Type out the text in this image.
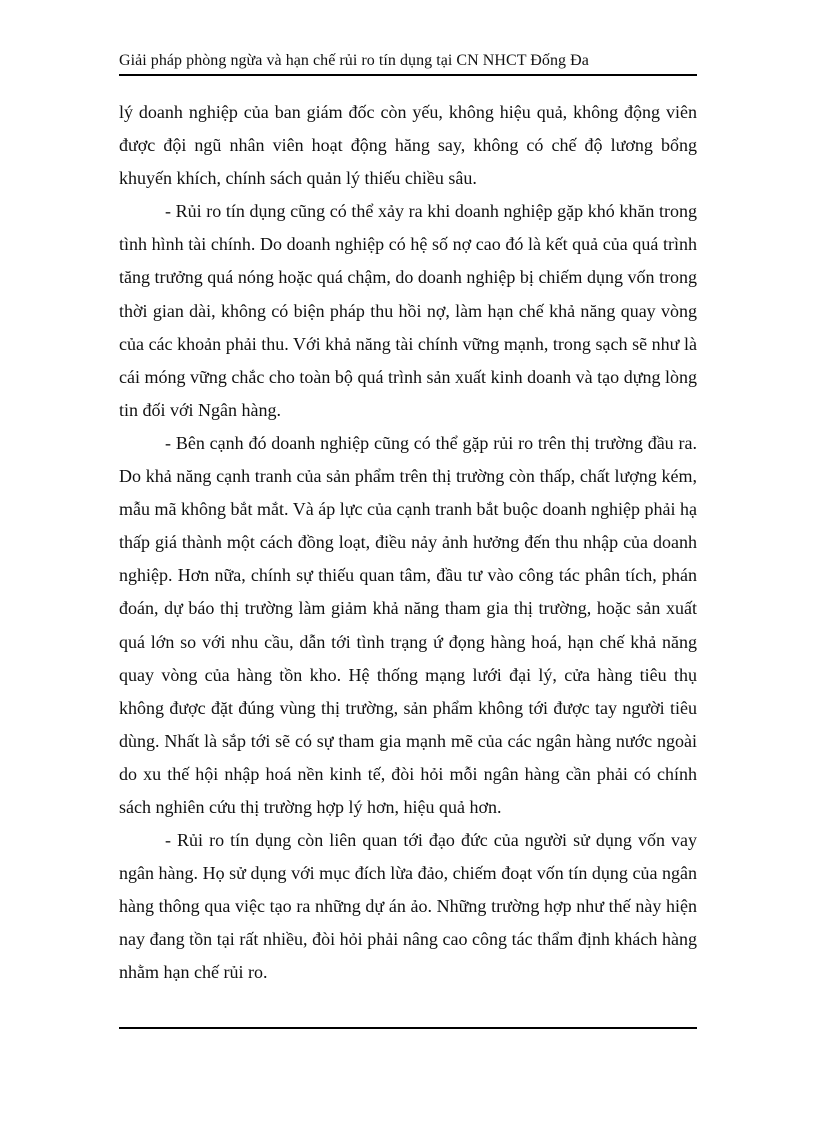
Giải pháp phòng ngừa và hạn chế rủi ro tín dụng tại CN NHCT Đống Đa

lý doanh nghiệp của ban giám đốc còn yếu, không hiệu quả, không động viên được đội ngũ nhân viên hoạt động hăng say, không có chế độ lương bổng khuyến khích, chính sách quản lý thiếu chiều sâu.

- Rủi ro tín dụng cũng có thể xảy ra khi doanh nghiệp gặp khó khăn trong tình hình tài chính. Do doanh nghiệp có hệ số nợ cao đó là kết quả của quá trình tăng trưởng quá nóng hoặc quá chậm, do doanh nghiệp bị chiếm dụng vốn trong thời gian dài, không có biện pháp thu hồi nợ, làm hạn chế khả năng quay vòng của các khoản phải thu. Với khả năng tài chính vững mạnh, trong sạch sẽ như là cái móng vững chắc cho toàn bộ quá trình sản xuất kinh doanh và tạo dựng lòng tin đối với Ngân hàng.

- Bên cạnh đó doanh nghiệp cũng có thể gặp rủi ro trên thị trường đầu ra. Do khả năng cạnh tranh của sản phẩm trên thị trường còn thấp, chất lượng kém, mẫu mã không bắt mắt. Và áp lực của cạnh tranh bắt buộc doanh nghiệp phải hạ thấp giá thành một cách đồng loạt, điều nảy ảnh hưởng đến thu nhập của doanh nghiệp. Hơn nữa, chính sự thiếu quan tâm, đầu tư vào công tác phân tích, phán đoán, dự báo thị trường làm giảm khả năng tham gia thị trường, hoặc sản xuất quá lớn so với nhu cầu, dẫn tới tình trạng ứ đọng hàng hoá, hạn chế khả năng quay vòng của hàng tồn kho. Hệ thống mạng lưới đại lý, cửa hàng tiêu thụ không được đặt đúng vùng thị trường, sản phẩm không tới được tay người tiêu dùng. Nhất là sắp tới sẽ có sự tham gia mạnh mẽ của các ngân hàng nước ngoài do xu thế hội nhập hoá nền kinh tế, đòi hỏi mỗi ngân hàng cần phải có chính sách nghiên cứu thị trường hợp lý hơn, hiệu quả hơn.

- Rủi ro tín dụng còn liên quan tới đạo đức của người sử dụng vốn vay ngân hàng. Họ sử dụng với mục đích lừa đảo, chiếm đoạt vốn tín dụng của ngân hàng thông qua việc tạo ra những dự án ảo. Những trường hợp như thế này hiện nay đang tồn tại rất nhiều, đòi hỏi phải nâng cao công tác thẩm định khách hàng nhằm hạn chế rủi ro.
